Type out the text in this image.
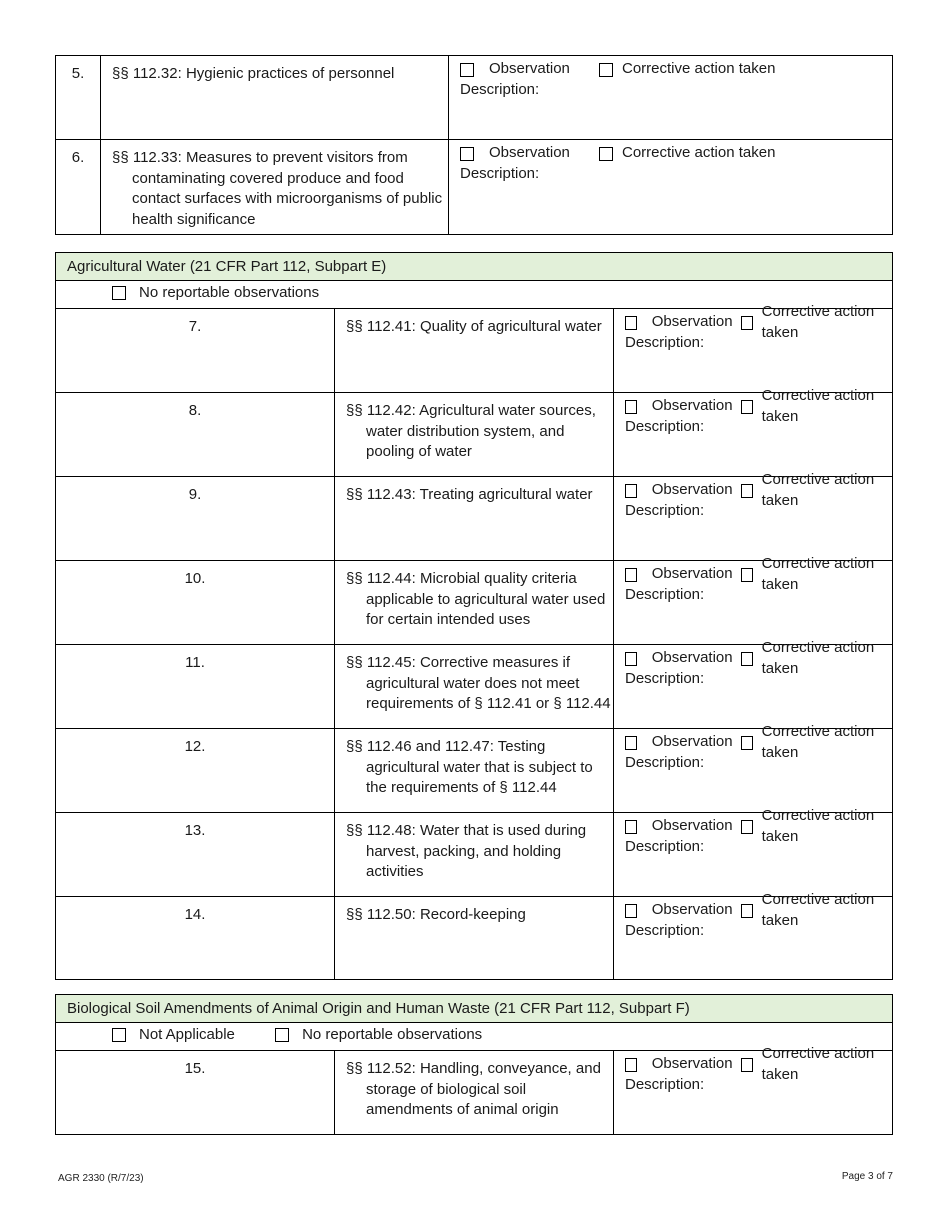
5.	§§ 112.32: Hygienic practices of personnel	Observation Corrective action taken
Description:

6.	§§ 112.33: Measures to prevent visitors from contaminating covered produce and food contact surfaces with microorganisms of public health significance	Observation Corrective action taken
Description:
Agricultural Water (21 CFR Part 112, Subpart E)		

No reportable observations		

7.	§§ 112.41: Quality of agricultural water	Observation
Corrective action taken
Description:

8.	§§ 112.42: Agricultural water sources, water distribution system, and pooling of water	Observation
Corrective action taken
Description:

9.	§§ 112.43: Treating agricultural water	Observation
Corrective action taken
Description:

10.	§§ 112.44: Microbial quality criteria applicable to agricultural water used for certain intended uses	Observation
Corrective action taken
Description:

11.	§§ 112.45: Corrective measures if agricultural water does not meet requirements of § 112.41 or § 112.44	Observation
Corrective action taken
Description:

12.	§§ 112.46 and 112.47: Testing agricultural water that is subject to the requirements of § 112.44	Observation
Corrective action taken
Description:

13.	§§ 112.48: Water that is used during harvest, packing, and holding activities	Observation
Corrective action taken
Description:

14.	§§ 112.50: Record-keeping	Observation
Corrective action taken
Description:
Biological Soil Amendments of Animal Origin and Human Waste (21 CFR Part 112, Subpart F)

Not Applicable
	No reportable observations

15.	§§ 112.52: Handling, conveyance, and storage of biological soil amendments of animal origin

Observation
Corrective action taken
Description:
AGR 2330 (R/7/23)	Page 3 of 7
